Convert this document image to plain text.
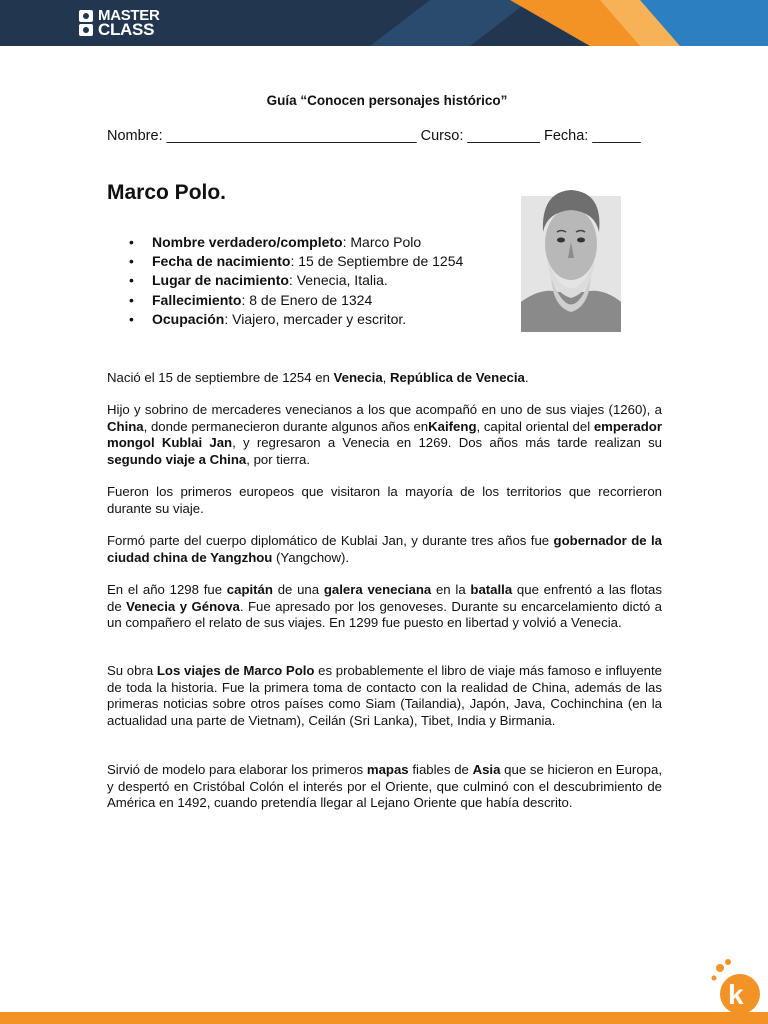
MASTER
CLASS
Guía “Conocen personajes histórico”
Nombre: _______________________________ Curso: _________ Fecha: ______
Marco Polo.
• Nombre verdadero/completo: Marco Polo
• Fecha de nacimiento: 15 de Septiembre de 1254
• Lugar de nacimiento: Venecia, Italia.
• Fallecimiento: 8 de Enero de 1324
• Ocupación: Viajero, mercader y escritor.
Nació el 15 de septiembre de 1254 en Venecia, República de Venecia.
Hijo y sobrino de mercaderes venecianos a los que acompañó en uno de sus viajes (1260), a China, donde permanecieron durante algunos años enKaifeng, capital oriental del emperador mongol Kublai Jan, y regresaron a Venecia en 1269. Dos años más tarde realizan su segundo viaje a China, por tierra.
Fueron los primeros europeos que visitaron la mayoría de los territorios que recorrieron durante su viaje.
Formó parte del cuerpo diplomático de Kublai Jan, y durante tres años fue gobernador de la ciudad china de Yangzhou (Yangchow).
En el año 1298 fue capitán de una galera veneciana en la batalla que enfrentó a las flotas de Venecia y Génova. Fue apresado por los genoveses. Durante su encarcelamiento dictó a un compañero el relato de sus viajes. En 1299 fue puesto en libertad y volvió a Venecia.
Su obra Los viajes de Marco Polo es probablemente el libro de viaje más famoso e influyente de toda la historia. Fue la primera toma de contacto con la realidad de China, además de las primeras noticias sobre otros países como Siam (Tailandia), Japón, Java, Cochinchina (en la actualidad una parte de Vietnam), Ceilán (Sri Lanka), Tibet, India y Birmania.
Sirvió de modelo para elaborar los primeros mapas fiables de Asia que se hicieron en Europa, y despertó en Cristóbal Colón el interés por el Oriente, que culminó con el descubrimiento de América en 1492, cuando pretendía llegar al Lejano Oriente que había descrito.
k
